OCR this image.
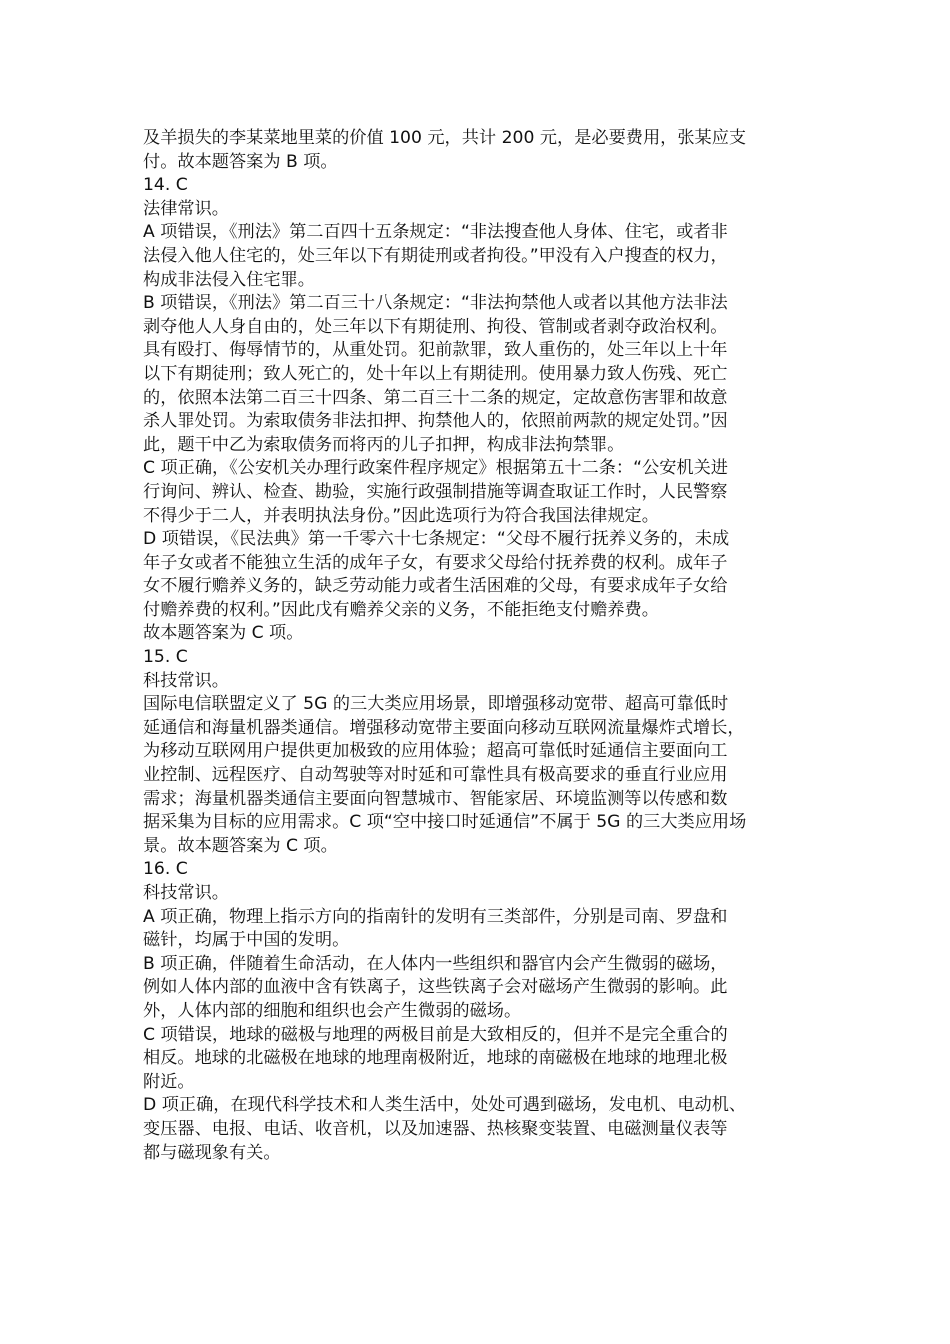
及羊损失的李某菜地里菜的价值 100 元，共计 200 元，是必要费用，张某应支
付。故本题答案为 B 项。
14. C
法律常识。
A 项错误，《刑法》第二百四十五条规定：“非法搜查他人身体、住宅，或者非
法侵入他人住宅的，处三年以下有期徒刑或者拘役。”甲没有入户搜查的权力，
构成非法侵入住宅罪。
B 项错误，《刑法》第二百三十八条规定：“非法拘禁他人或者以其他方法非法
剥夺他人人身自由的，处三年以下有期徒刑、拘役、管制或者剥夺政治权利。
具有殴打、侮辱情节的，从重处罚。犯前款罪，致人重伤的，处三年以上十年
以下有期徒刑；致人死亡的，处十年以上有期徒刑。使用暴力致人伤残、死亡
的，依照本法第二百三十四条、第二百三十二条的规定，定故意伤害罪和故意
杀人罪处罚。为索取债务非法扣押、拘禁他人的，依照前两款的规定处罚。”因
此，题干中乙为索取债务而将丙的儿子扣押，构成非法拘禁罪。
C 项正确，《公安机关办理行政案件程序规定》根据第五十二条：“公安机关进
行询问、辨认、检查、勘验，实施行政强制措施等调查取证工作时，人民警察
不得少于二人，并表明执法身份。”因此选项行为符合我国法律规定。
D 项错误，《民法典》第一千零六十七条规定：“父母不履行抚养义务的，未成
年子女或者不能独立生活的成年子女，有要求父母给付抚养费的权利。成年子
女不履行赡养义务的，缺乏劳动能力或者生活困难的父母，有要求成年子女给
付赡养费的权利。”因此戊有赡养父亲的义务，不能拒绝支付赡养费。
故本题答案为 C 项。
15. C
科技常识。
国际电信联盟定义了 5G 的三大类应用场景，即增强移动宽带、超高可靠低时
延通信和海量机器类通信。增强移动宽带主要面向移动互联网流量爆炸式增长，
为移动互联网用户提供更加极致的应用体验；超高可靠低时延通信主要面向工
业控制、远程医疗、自动驾驶等对时延和可靠性具有极高要求的垂直行业应用
需求；海量机器类通信主要面向智慧城市、智能家居、环境监测等以传感和数
据采集为目标的应用需求。C 项“空中接口时延通信”不属于 5G 的三大类应用场
景。故本题答案为 C 项。
16. C
科技常识。
A 项正确，物理上指示方向的指南针的发明有三类部件，分别是司南、罗盘和
磁针，均属于中国的发明。
B 项正确，伴随着生命活动，在人体内一些组织和器官内会产生微弱的磁场，
例如人体内部的血液中含有铁离子，这些铁离子会对磁场产生微弱的影响。此
外，人体内部的细胞和组织也会产生微弱的磁场。
C 项错误，地球的磁极与地理的两极目前是大致相反的，但并不是完全重合的
相反。地球的北磁极在地球的地理南极附近，地球的南磁极在地球的地理北极
附近。
D 项正确，在现代科学技术和人类生活中，处处可遇到磁场，发电机、电动机、
变压器、电报、电话、收音机，以及加速器、热核聚变装置、电磁测量仪表等
都与磁现象有关。
